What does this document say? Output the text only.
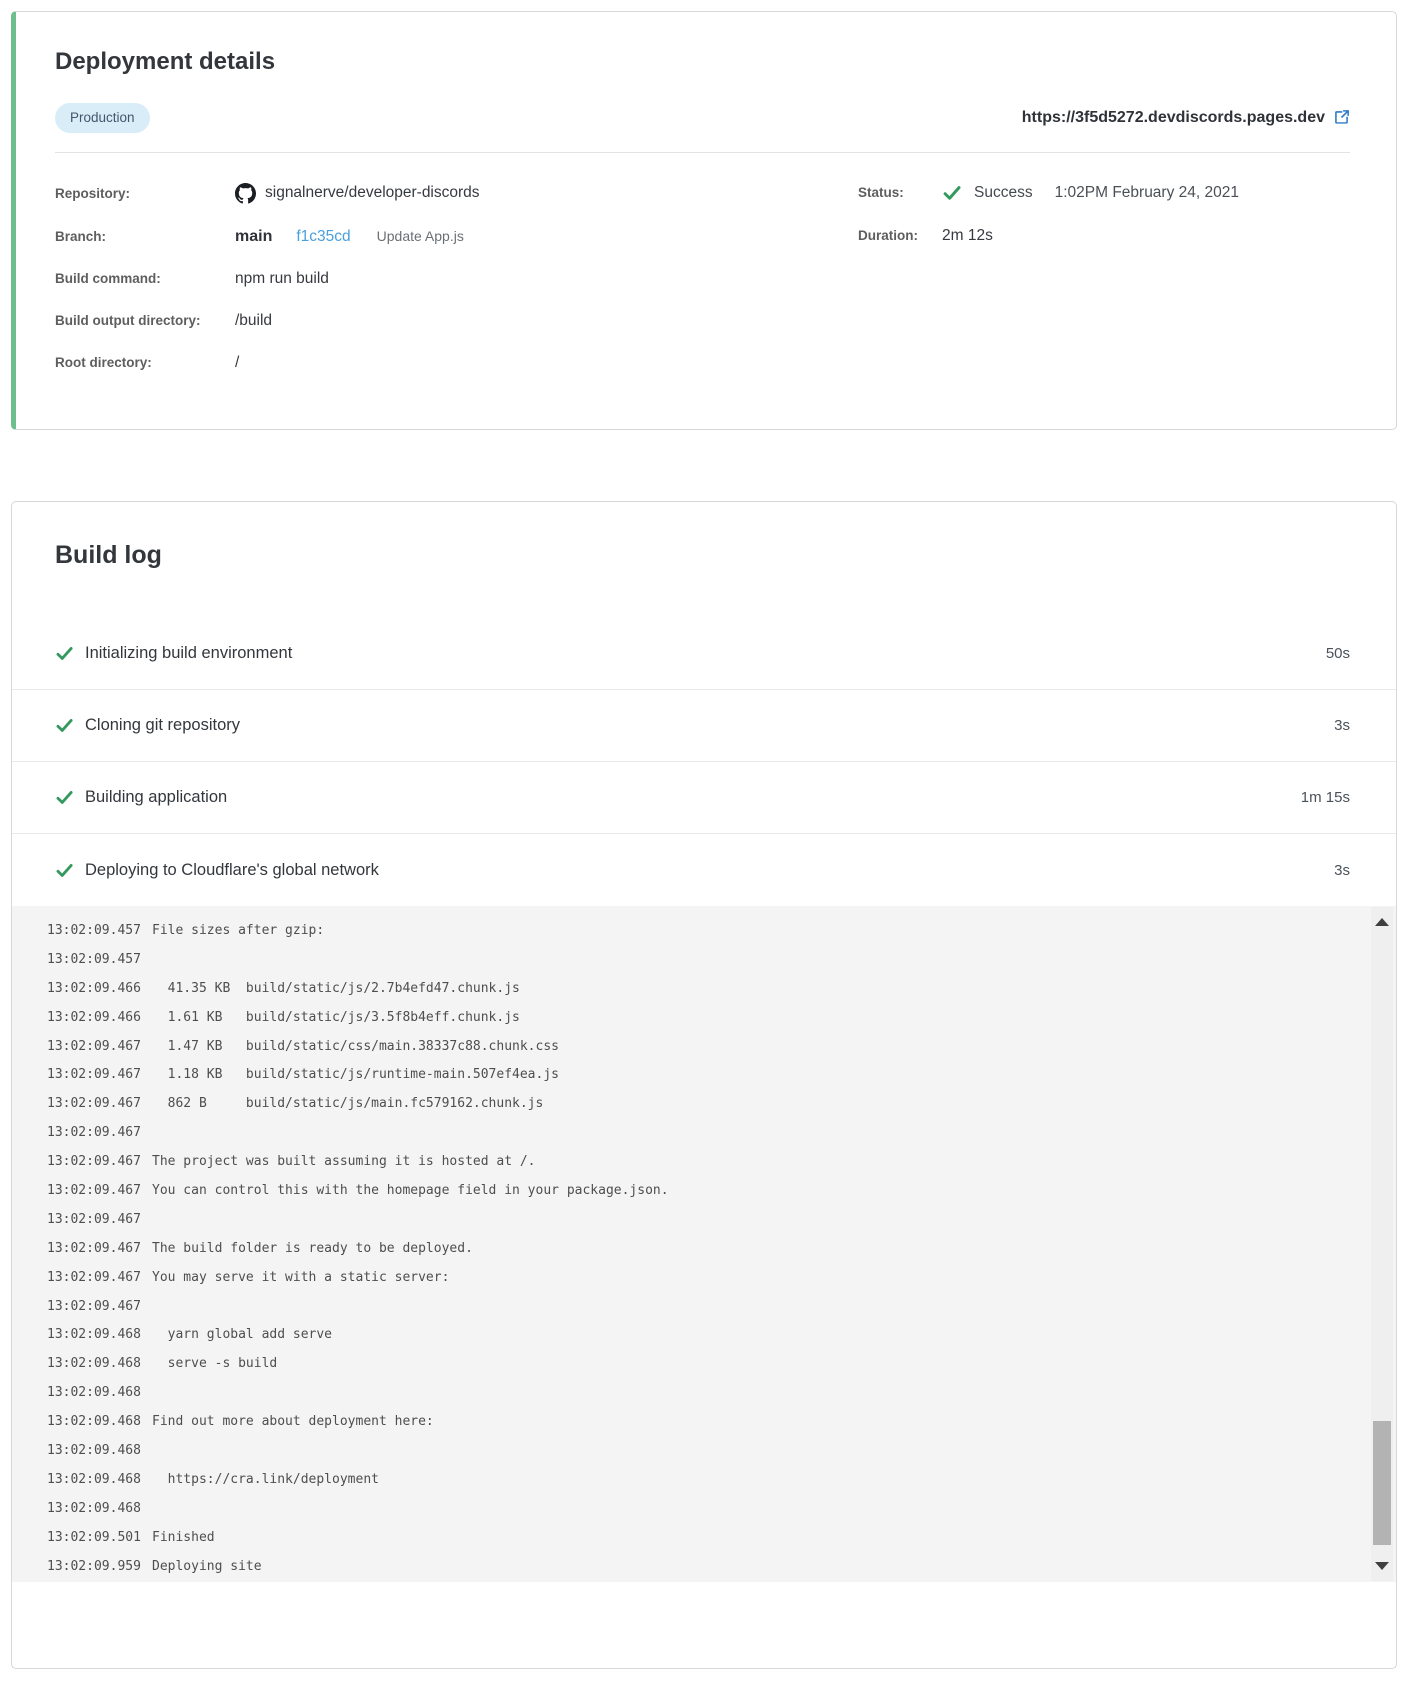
Deployment details
Production	https://3f5d5272.devdiscords.pages.dev
Repository:	signalnerve/developer-discords
Branch:	main f1c35cd Update App.js
Build command:	npm run build
Build output directory:	/build
Root directory:	/
Status:	Success 1:02PM February 24, 2021
Duration:	2m 12s
Build log
Initializing build environment	50s
Cloning git repository	3s
Building application	1m 15s
Deploying to Cloudflare's global network	3s
13:02:09.457 File sizes after gzip:
13:02:09.457
13:02:09.466 41.35 KB  build/static/js/2.7b4efd47.chunk.js
13:02:09.466 1.61 KB   build/static/js/3.5f8b4eff.chunk.js
13:02:09.467 1.47 KB   build/static/css/main.38337c88.chunk.css
13:02:09.467 1.18 KB   build/static/js/runtime-main.507ef4ea.js
13:02:09.467 862 B     build/static/js/main.fc579162.chunk.js
13:02:09.467
13:02:09.467 The project was built assuming it is hosted at /.
13:02:09.467 You can control this with the homepage field in your package.json.
13:02:09.467
13:02:09.467 The build folder is ready to be deployed.
13:02:09.467 You may serve it with a static server:
13:02:09.467
13:02:09.468 yarn global add serve
13:02:09.468 serve -s build
13:02:09.468
13:02:09.468 Find out more about deployment here:
13:02:09.468
13:02:09.468 https://cra.link/deployment
13:02:09.468
13:02:09.501 Finished
13:02:09.959 Deploying site
